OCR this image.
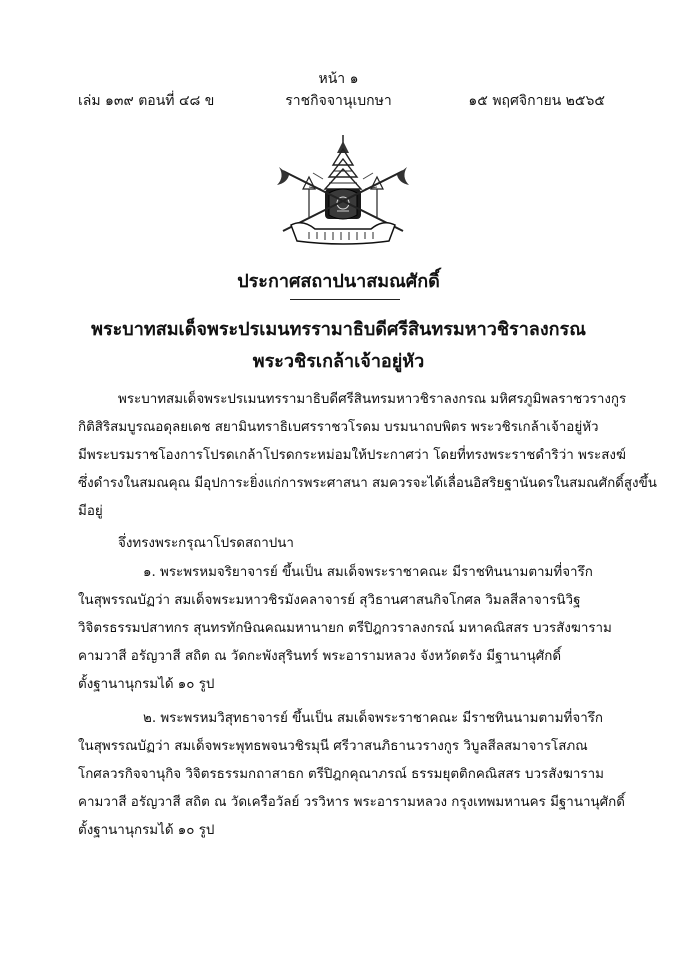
หน้า ๑
เล่ม ๑๓๙ ตอนที่ ๔๘ ข	ราชกิจจานุเบกษา	๑๕ พฤศจิกายน ๒๕๖๕
ประกาศสถาปนาสมณศักดิ์
พระบาทสมเด็จพระปรเมนทรรามาธิบดีศรีสินทรมหาวชิราลงกรณ
พระวชิรเกล้าเจ้าอยู่หัว
พระบาทสมเด็จพระปรเมนทรรามาธิบดีศรีสินทรมหาวชิราลงกรณ มหิศรภูมิพลราชวรางกูร
กิติสิริสมบูรณอดุลยเดช สยามินทราธิเบศรราชวโรดม บรมนาถบพิตร พระวชิรเกล้าเจ้าอยู่หัว
มีพระบรมราชโองการโปรดเกล้าโปรดกระหม่อมให้ประกาศว่า โดยที่ทรงพระราชดำริว่า พระสงฆ์
ซึ่งดำรงในสมณคุณ มีอุปการะยิ่งแก่การพระศาสนา สมควรจะได้เลื่อนอิสริยฐานันดรในสมณศักดิ์สูงขึ้น
มีอยู่
จึ่งทรงพระกรุณาโปรดสถาปนา
๑. พระพรหมจริยาจารย์ ขึ้นเป็น สมเด็จพระราชาคณะ มีราชทินนามตามที่จารึก
ในสุพรรณบัฏว่า สมเด็จพระมหาวชิรมังคลาจารย์ สุวิธานศาสนกิจโกศล วิมลสีลาจารนิวิฐ
วิจิตรธรรมปสาทกร สุนทรทักษิณคณมหานายก ตรีปิฎกวราลงกรณ์ มหาคณิสสร บวรสังฆาราม
คามวาสี อรัญวาสี สถิต ณ วัดกะพังสุรินทร์ พระอารามหลวง จังหวัดตรัง มีฐานานุศักดิ์
ตั้งฐานานุกรมได้ ๑๐ รูป
๒. พระพรหมวิสุทธาจารย์ ขึ้นเป็น สมเด็จพระราชาคณะ มีราชทินนามตามที่จารึก
ในสุพรรณบัฏว่า สมเด็จพระพุทธพจนวชิรมุนี ศรีวาสนภิธานวรางกูร วิบูลสีลสมาจารโสภณ
โกศลวรกิจจานุกิจ วิจิตรธรรมกถาสาธก ตรีปิฎกคุณาภรณ์ ธรรมยุตติกคณิสสร บวรสังฆาราม
คามวาสี อรัญวาสี สถิต ณ วัดเครือวัลย์ วรวิหาร พระอารามหลวง กรุงเทพมหานคร มีฐานานุศักดิ์
ตั้งฐานานุกรมได้ ๑๐ รูป
